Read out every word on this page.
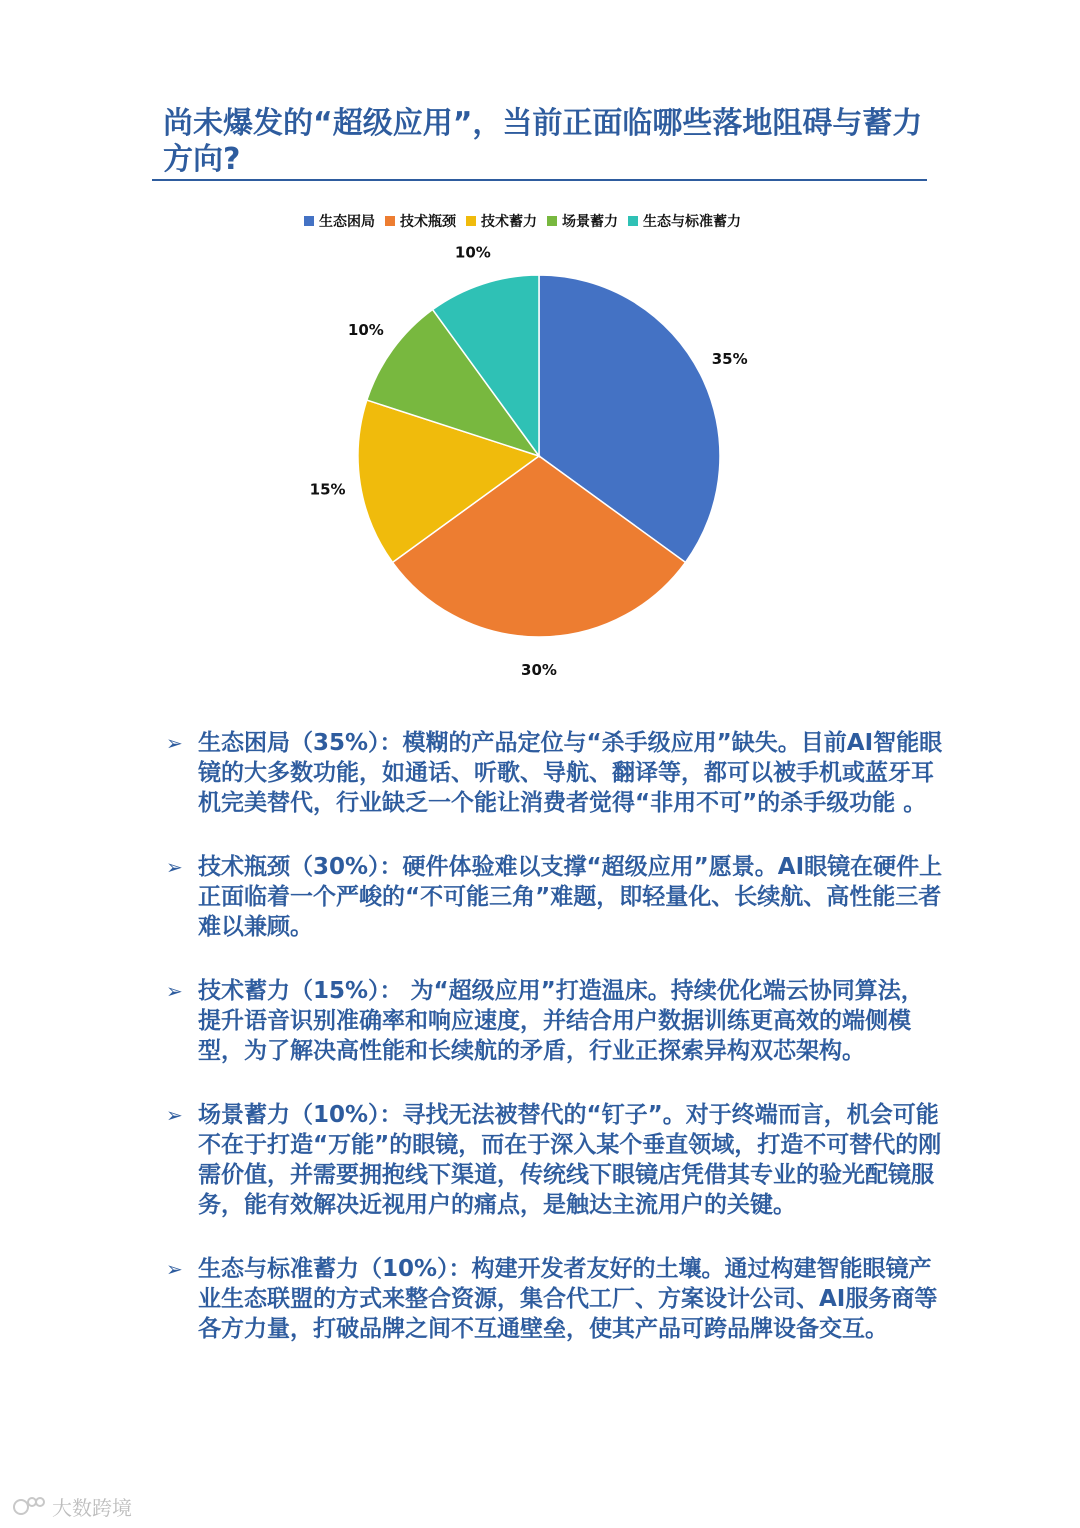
尚未爆发的“超级应用”，当前正面临哪些落地阻碍与蓄力方向?
生态困局 技术瓶颈 技术蓄力 场景蓄力 生态与标准蓄力
35%
30%
15%
10%
10%
➢ 生态困局（35%）：模糊的产品定位与“杀手级应用”缺失。目前AI智能眼镜的大多数功能，如通话、听歌、导航、翻译等，都可以被手机或蓝牙耳机完美替代，行业缺乏一个能让消费者觉得“非用不可”的杀手级功能 。
➢ 技术瓶颈（30%）：硬件体验难以支撑“超级应用”愿景。AI眼镜在硬件上正面临着一个严峻的“不可能三角”难题，即轻量化、长续航、高性能三者难以兼顾。
➢ 技术蓄力（15%）： 为“超级应用”打造温床。持续优化端云协同算法，提升语音识别准确率和响应速度，并结合用户数据训练更高效的端侧模型，为了解决高性能和长续航的矛盾，行业正探索异构双芯架构。
➢ 场景蓄力（10%）：寻找无法被替代的“钉子”。对于终端而言，机会可能不在于打造“万能”的眼镜，而在于深入某个垂直领域，打造不可替代的刚需价值，并需要拥抱线下渠道，传统线下眼镜店凭借其专业的验光配镜服务，能有效解决近视用户的痛点，是触达主流用户的关键。
➢ 生态与标准蓄力（10%）：构建开发者友好的土壤。通过构建智能眼镜产业生态联盟的方式来整合资源，集合代工厂、方案设计公司、AI服务商等各方力量，打破品牌之间不互通壁垒，使其产品可跨品牌设备交互。
大数跨境
